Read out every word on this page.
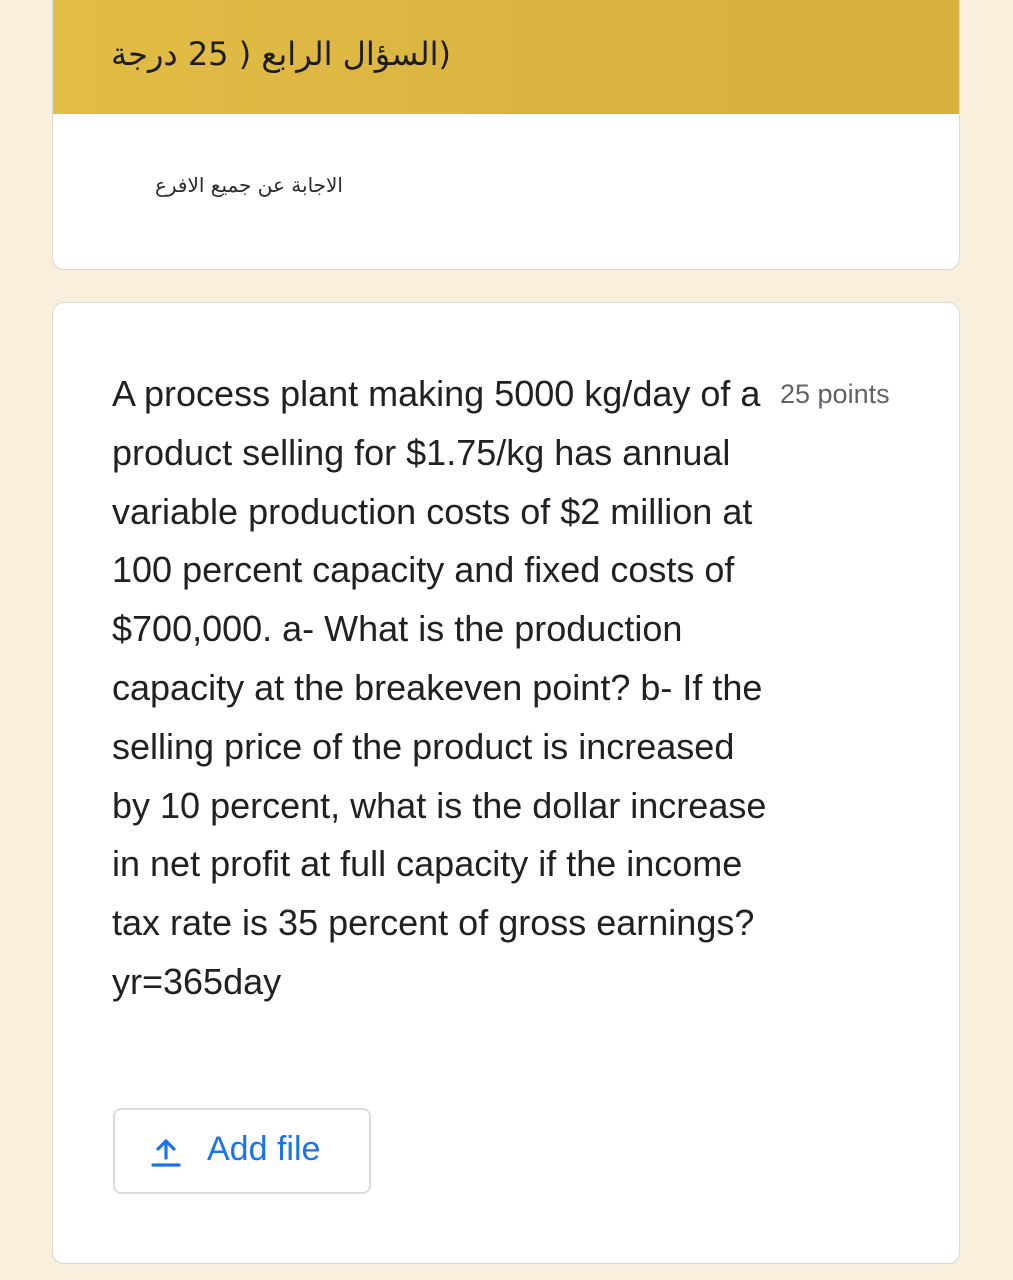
(السؤال الرابع ( 25 درجة
الاجابة عن جميع الافرع

A process plant making 5000 kg/day of a product selling for $1.75/kg has annual variable production costs of $2 million at 100 percent capacity and fixed costs of $700,000. a- What is the production capacity at the breakeven point? b- If the selling price of the product is increased by 10 percent, what is the dollar increase in net profit at full capacity if the income tax rate is 35 percent of gross earnings? yr=365day

25 points
Add file
